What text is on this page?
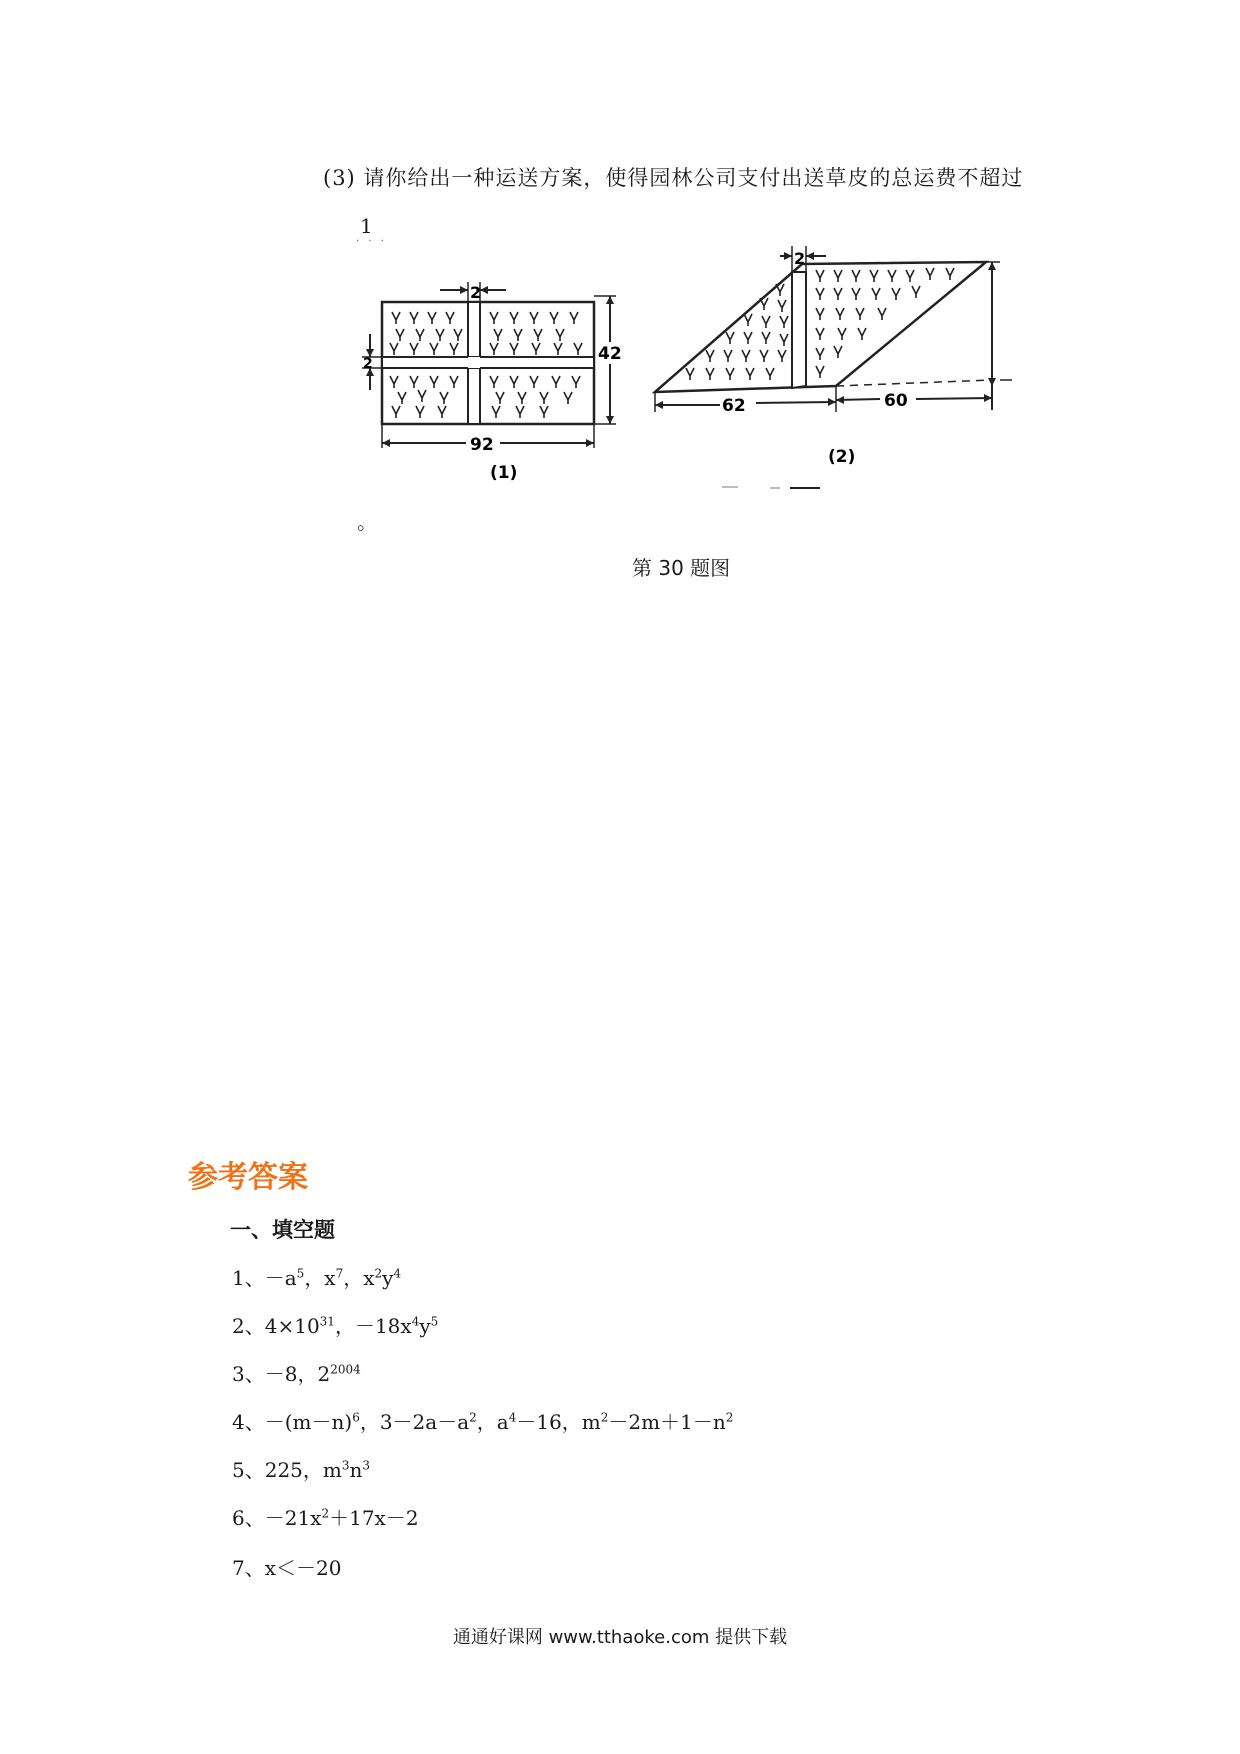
(3) 请你给出一种运送方案，使得园林公司支付出送草皮的总运费不超过
1
· · ·
2
2	42
92
(1)
2
62	60
(2)
。
第 30 题图
参考答案
一、填空题
1、$-a^5$，$x^7$，$x^2y^4$
2、$4\times 10^{31}$，$-18x^4y^5$
3、－8，$2^{2004}$
4、$-(m-n)^6$，$3-2a-a^2$，$a^4-16$，$m^2-2m+1-n^2$
5、225，$m^3n^3$
6、$-21x^2+17x-2$
7、x＜－20
通通好课网 www.tthaoke.com 提供下载
